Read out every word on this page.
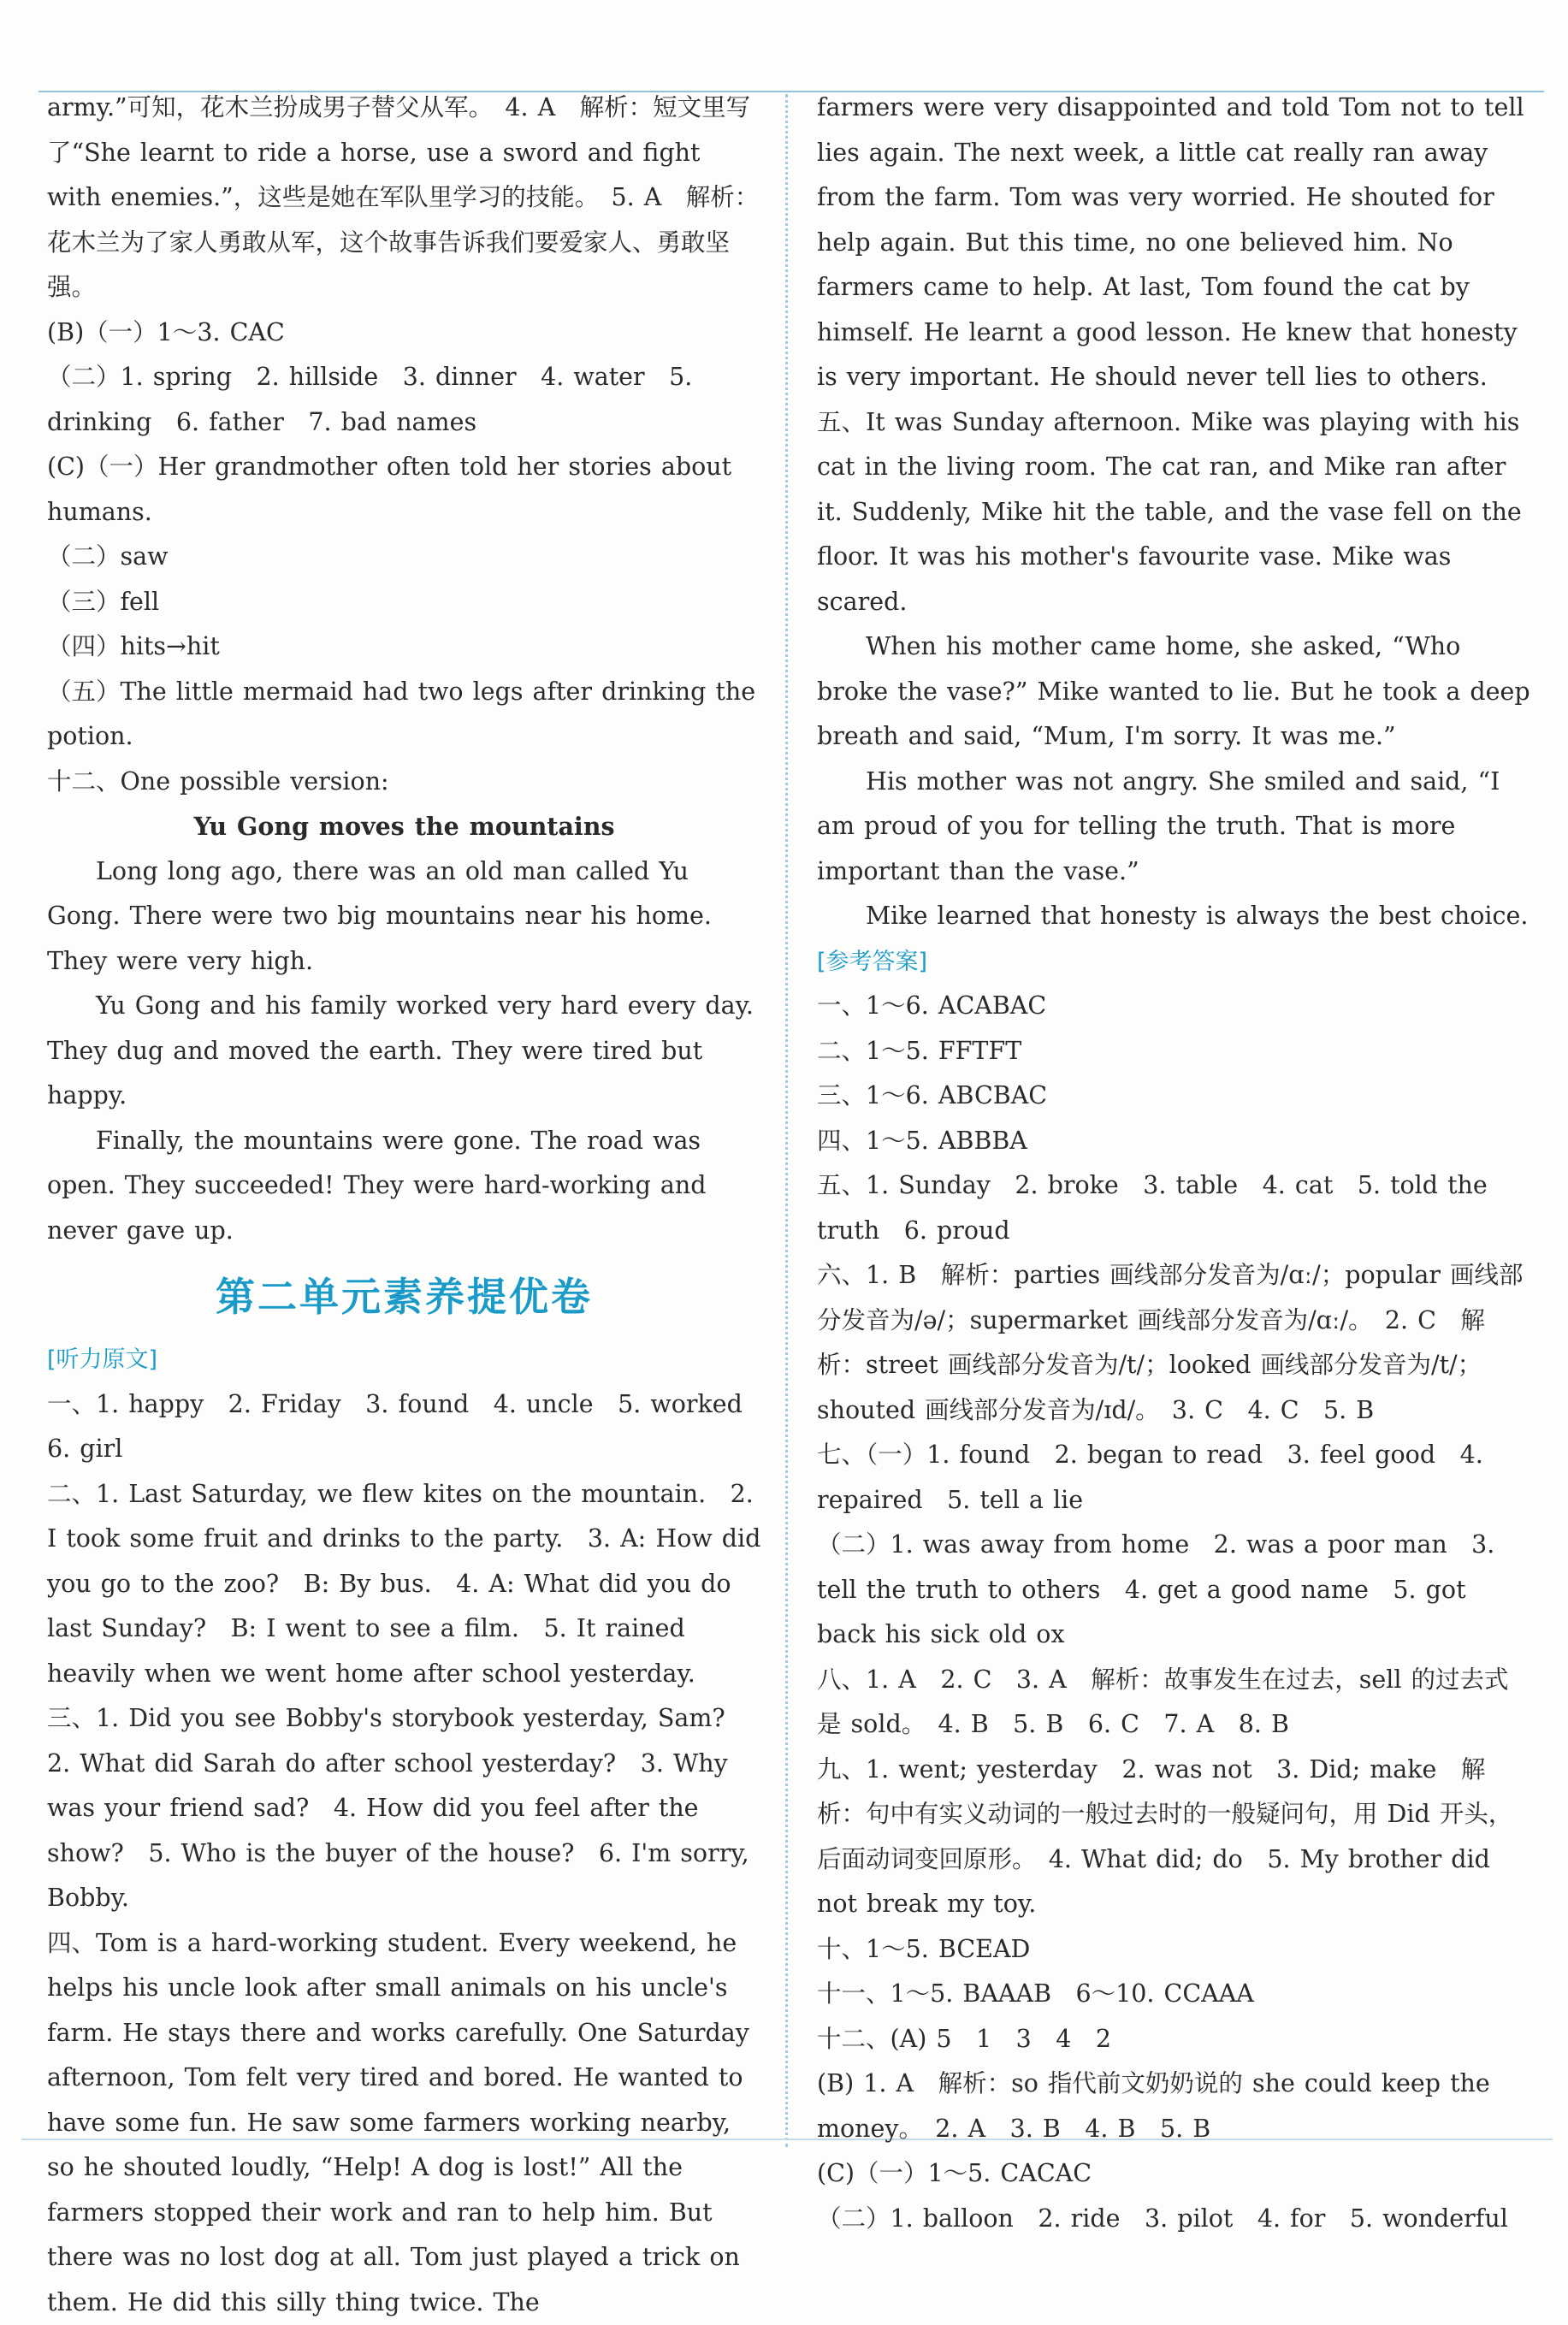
army.”可知，花木兰扮成男子替父从军。　4. A　解析：短文里写了“She learnt to ride a horse, use a sword and fight with enemies.”，这些是她在军队里学习的技能。　5. A　解析：花木兰为了家人勇敢从军，这个故事告诉我们要爱家人、勇敢坚强。
(B)（一）1～3. CAC
（二）1. spring　2. hillside　3. dinner　4. water　5. drinking　6. father　7. bad names
(C)（一）Her grandmother often told her stories about humans.
（二）saw
（三）fell
（四）hits→hit
（五）The little mermaid had two legs after drinking the potion.
十二、One possible version:
Yu Gong moves the mountains
Long long ago, there was an old man called Yu Gong. There were two big mountains near his home. They were very high.
Yu Gong and his family worked very hard every day. They dug and moved the earth. They were tired but happy.
Finally, the mountains were gone. The road was open. They succeeded! They were hard-working and never gave up.
第二单元素养提优卷
[听力原文]
一、1. happy　2. Friday　3. found　4. uncle　5. worked　6. girl
二、1. Last Saturday, we flew kites on the mountain.　2. I took some fruit and drinks to the party.　3. A: How did you go to the zoo?　B: By bus.　4. A: What did you do last Sunday?　B: I went to see a film.　5. It rained heavily when we went home after school yesterday.
三、1. Did you see Bobby's storybook yesterday, Sam?　2. What did Sarah do after school yesterday?　3. Why was your friend sad?　4. How did you feel after the show?　5. Who is the buyer of the house?　6. I'm sorry, Bobby.
四、Tom is a hard-working student. Every weekend, he helps his uncle look after small animals on his uncle's farm. He stays there and works carefully. One Saturday afternoon, Tom felt very tired and bored. He wanted to have some fun. He saw some farmers working nearby, so he shouted loudly, “Help! A dog is lost!” All the farmers stopped their work and ran to help him. But there was no lost dog at all. Tom just played a trick on them. He did this silly thing twice. The
farmers were very disappointed and told Tom not to tell lies again. The next week, a little cat really ran away from the farm. Tom was very worried. He shouted for help again. But this time, no one believed him. No farmers came to help. At last, Tom found the cat by himself. He learnt a good lesson. He knew that honesty is very important. He should never tell lies to others.
五、It was Sunday afternoon. Mike was playing with his cat in the living room. The cat ran, and Mike ran after it. Suddenly, Mike hit the table, and the vase fell on the floor. It was his mother's favourite vase. Mike was scared.
When his mother came home, she asked, “Who broke the vase?” Mike wanted to lie. But he took a deep breath and said, “Mum, I'm sorry. It was me.”
His mother was not angry. She smiled and said, “I am proud of you for telling the truth. That is more important than the vase.”
Mike learned that honesty is always the best choice.
[参考答案]
一、1～6. ACABAC
二、1～5. FFTFT
三、1～6. ABCBAC
四、1～5. ABBBA
五、1. Sunday　2. broke　3. table　4. cat　5. told the truth　6. proud
六、1. B　解析：parties 画线部分发音为/ɑː/；popular 画线部分发音为/ə/；supermarket 画线部分发音为/ɑː/。　2. C　解析：street 画线部分发音为/t/；looked 画线部分发音为/t/；shouted 画线部分发音为/ɪd/。　3. C　4. C　5. B
七、（一）1. found　2. began to read　3. feel good　4. repaired　5. tell a lie
（二）1. was away from home　2. was a poor man　3. tell the truth to others　4. get a good name　5. got back his sick old ox
八、1. A　2. C　3. A　解析：故事发生在过去，sell 的过去式是 sold。　4. B　5. B　6. C　7. A　8. B
九、1. went; yesterday　2. was not　3. Did; make　解析：句中有实义动词的一般过去时的一般疑问句，用 Did 开头，后面动词变回原形。　4. What did; do　5. My brother did not break my toy.
十、1～5. BCEAD
十一、1～5. BAAAB　6～10. CCAAA
十二、(A) 5　1　3　4　2
(B) 1. A　解析：so 指代前文奶奶说的 she could keep the money。　2. A　3. B　4. B　5. B
(C)（一）1～5. CACAC
（二）1. balloon　2. ride　3. pilot　4. for　5. wonderful
